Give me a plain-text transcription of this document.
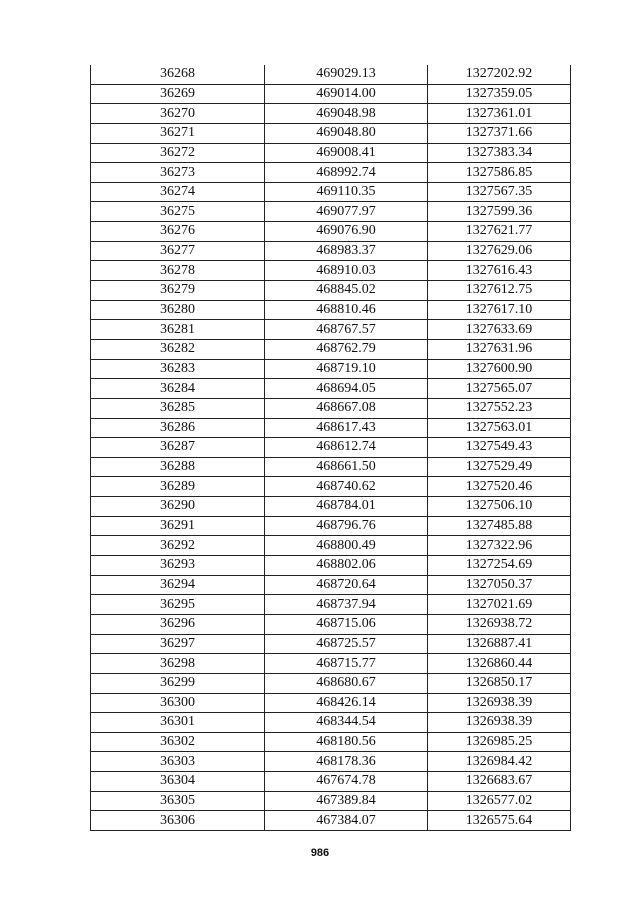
36268	469029.13	1327202.92
36269	469014.00	1327359.05
36270	469048.98	1327361.01
36271	469048.80	1327371.66
36272	469008.41	1327383.34
36273	468992.74	1327586.85
36274	469110.35	1327567.35
36275	469077.97	1327599.36
36276	469076.90	1327621.77
36277	468983.37	1327629.06
36278	468910.03	1327616.43
36279	468845.02	1327612.75
36280	468810.46	1327617.10
36281	468767.57	1327633.69
36282	468762.79	1327631.96
36283	468719.10	1327600.90
36284	468694.05	1327565.07
36285	468667.08	1327552.23
36286	468617.43	1327563.01
36287	468612.74	1327549.43
36288	468661.50	1327529.49
36289	468740.62	1327520.46
36290	468784.01	1327506.10
36291	468796.76	1327485.88
36292	468800.49	1327322.96
36293	468802.06	1327254.69
36294	468720.64	1327050.37
36295	468737.94	1327021.69
36296	468715.06	1326938.72
36297	468725.57	1326887.41
36298	468715.77	1326860.44
36299	468680.67	1326850.17
36300	468426.14	1326938.39
36301	468344.54	1326938.39
36302	468180.56	1326985.25
36303	468178.36	1326984.42
36304	467674.78	1326683.67
36305	467389.84	1326577.02
36306	467384.07	1326575.64
986
